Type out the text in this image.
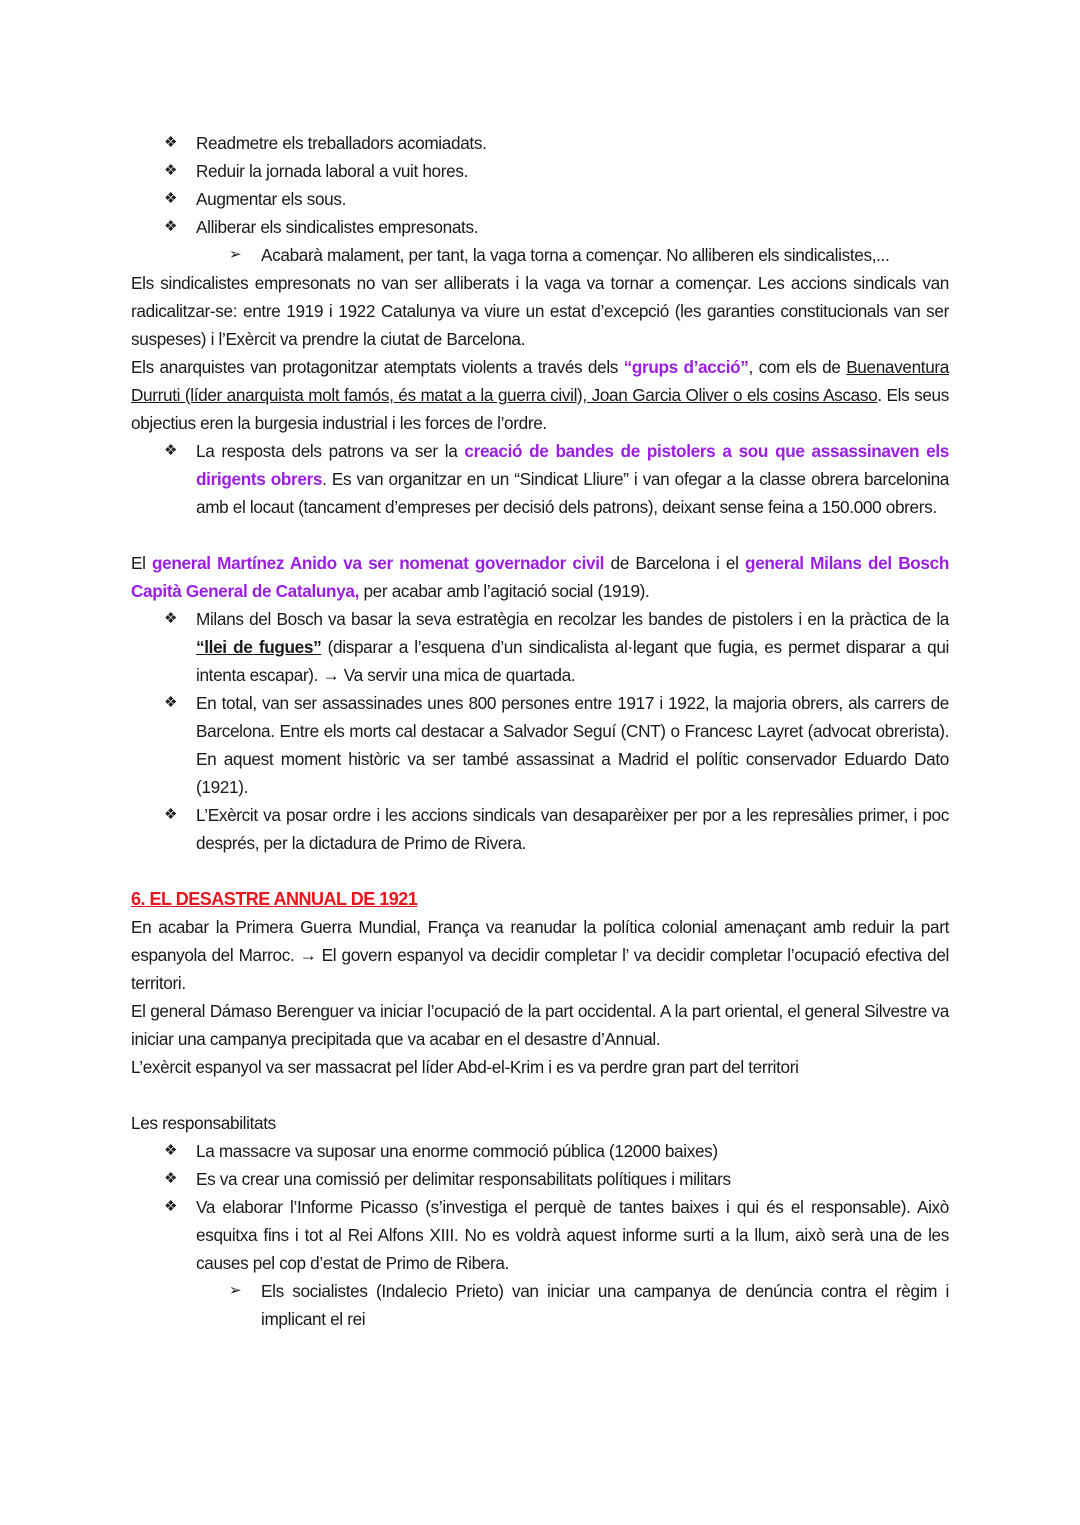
❖ Readmetre els treballadors acomiadats.
❖ Reduir la jornada laboral a vuit hores.
❖ Augmentar els sous.
❖ Alliberar els sindicalistes empresonats.
➢ Acabarà malament, per tant, la vaga torna a començar. No alliberen els sindicalistes,...

Els sindicalistes empresonats no van ser alliberats i la vaga va tornar a començar. Les accions sindicals van radicalitzar-se: entre 1919 i 1922 Catalunya va viure un estat d’excepció (les garanties constitucionals van ser suspeses) i l’Exèrcit va prendre la ciutat de Barcelona.

Els anarquistes van protagonitzar atemptats violents a través dels “grups d’acció”, com els de Buenaventura Durruti (líder anarquista molt famós, és matat a la guerra civil), Joan Garcia Oliver o els cosins Ascaso. Els seus objectius eren la burgesia industrial i les forces de l’ordre.

❖ La resposta dels patrons va ser la creació de bandes de pistolers a sou que assassinaven els dirigents obrers. Es van organitzar en un “Sindicat Lliure” i van ofegar a la classe obrera barcelonina amb el locaut (tancament d’empreses per decisió dels patrons), deixant sense feina a 150.000 obrers.

El general Martínez Anido va ser nomenat governador civil de Barcelona i el general Milans del Bosch Capità General de Catalunya, per acabar amb l’agitació social (1919).

❖ Milans del Bosch va basar la seva estratègia en recolzar les bandes de pistolers i en la pràctica de la “llei de fugues” (disparar a l’esquena d’un sindicalista al·legant que fugia, es permet disparar a qui intenta escapar). → Va servir una mica de quartada.
❖ En total, van ser assassinades unes 800 persones entre 1917 i 1922, la majoria obrers, als carrers de Barcelona. Entre els morts cal destacar a Salvador Seguí (CNT) o Francesc Layret (advocat obrerista). En aquest moment històric va ser també assassinat a Madrid el polític conservador Eduardo Dato (1921).
❖ L’Exèrcit va posar ordre i les accions sindicals van desaparèixer per por a les represàlies primer, i poc després, per la dictadura de Primo de Rivera.
6. EL DESASTRE ANNUAL DE 1921

En acabar la Primera Guerra Mundial, França va reanudar la política colonial amenaçant amb reduir la part espanyola del Marroc. → El govern espanyol va decidir completar l’ va decidir completar l’ocupació efectiva del territori.

El general Dámaso Berenguer va iniciar l’ocupació de la part occidental. A la part oriental, el general Silvestre va iniciar una campanya precipitada que va acabar en el desastre d’Annual.

L’exèrcit espanyol va ser massacrat pel líder Abd-el-Krim i es va perdre gran part del territori

Les responsabilitats

❖ La massacre va suposar una enorme commoció pública (12000 baixes)
❖ Es va crear una comissió per delimitar responsabilitats polítiques i militars
❖ Va elaborar l’Informe Picasso (s’investiga el perquè de tantes baixes i qui és el responsable). Això esquitxa fins i tot al Rei Alfons XIII. No es voldrà aquest informe surti a la llum, això serà una de les causes pel cop d’estat de Primo de Ribera.
➢ Els socialistes (Indalecio Prieto) van iniciar una campanya de denúncia contra el règim i implicant el rei
